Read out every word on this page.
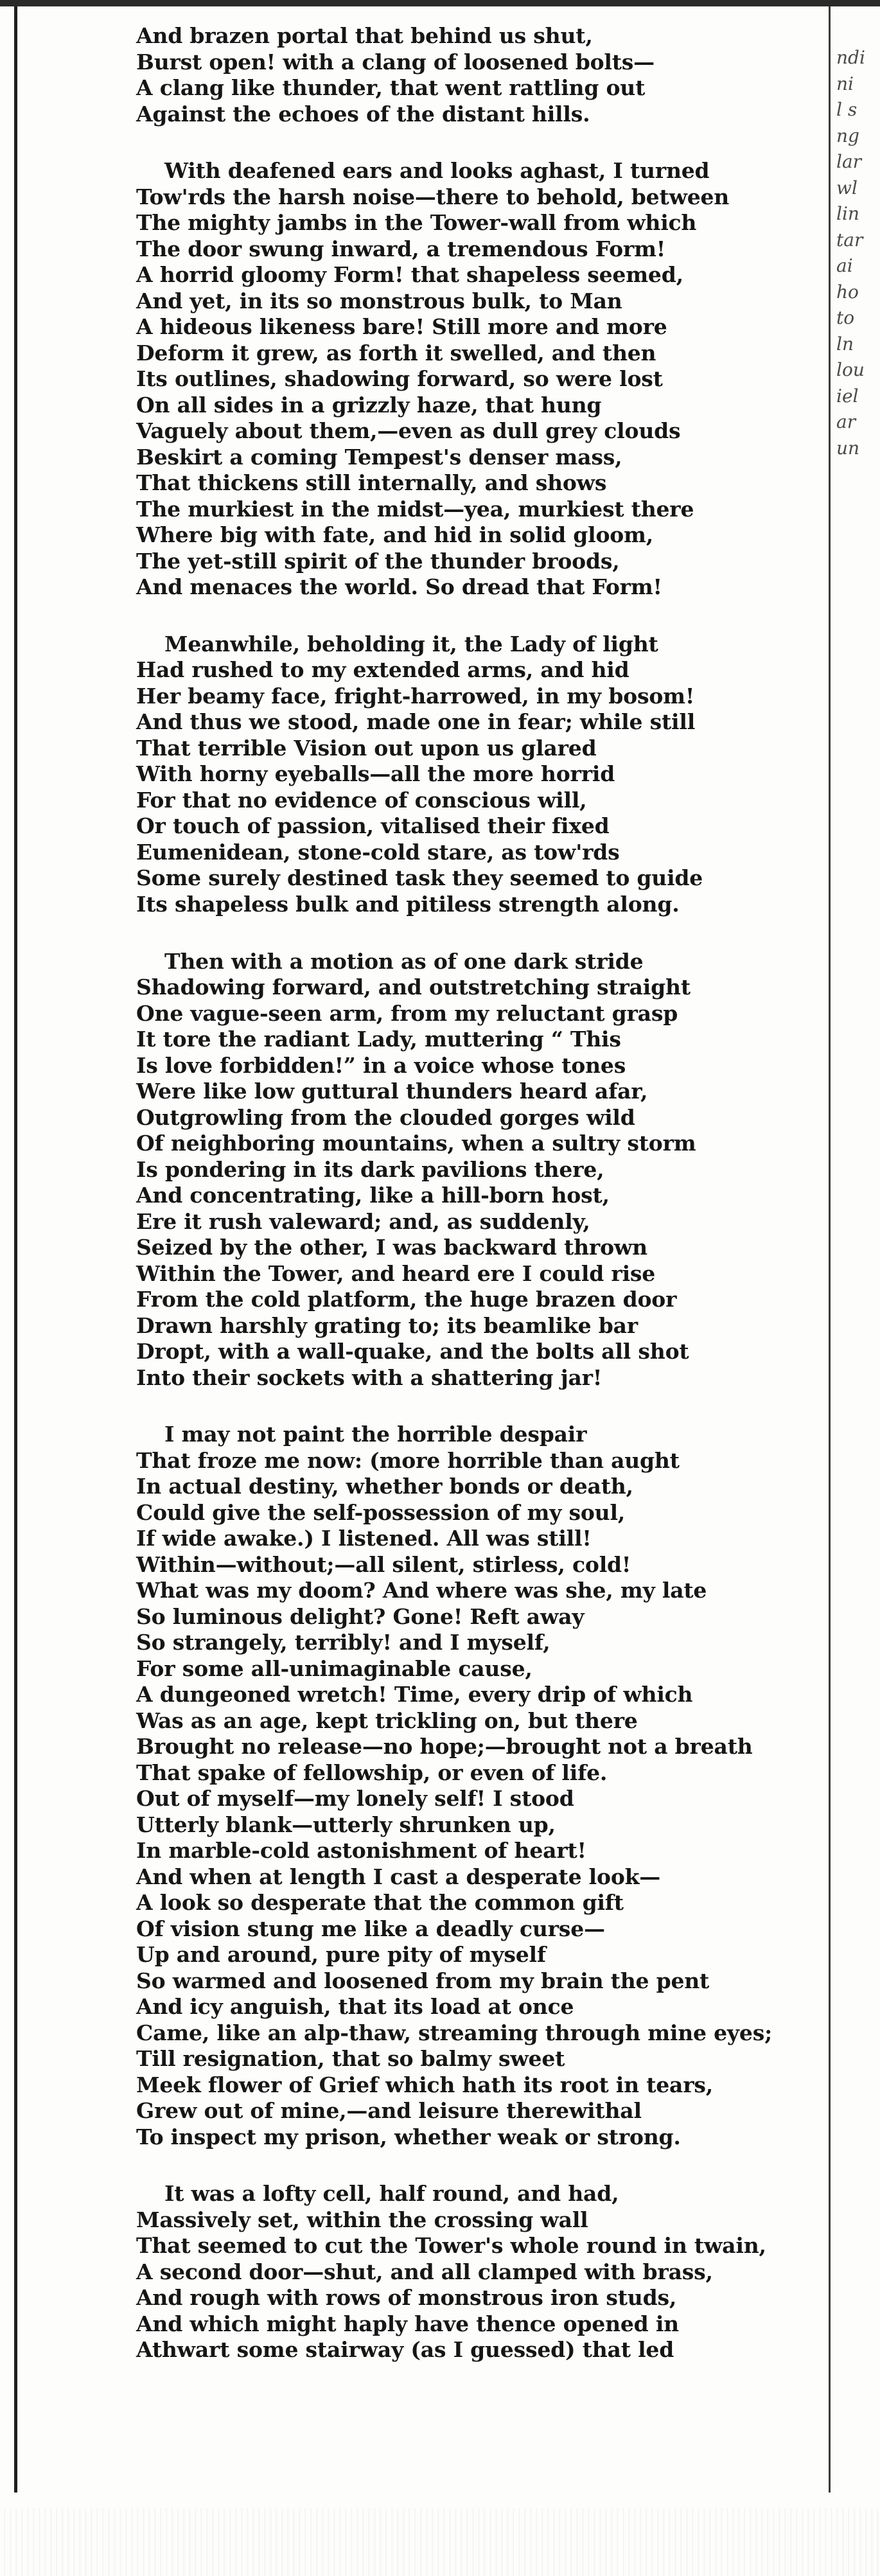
And brazen portal that behind us shut,
Burst open! with a clang of loosened bolts—
A clang like thunder, that went rattling out
Against the echoes of the distant hills.
With deafened ears and looks aghast, I turned
Tow'rds the harsh noise—there to behold, between
The mighty jambs in the Tower-wall from which
The door swung inward, a tremendous Form!
A horrid gloomy Form! that shapeless seemed,
And yet, in its so monstrous bulk, to Man
A hideous likeness bare! Still more and more
Deform it grew, as forth it swelled, and then
Its outlines, shadowing forward, so were lost
On all sides in a grizzly haze, that hung
Vaguely about them,—even as dull grey clouds
Beskirt a coming Tempest's denser mass,
That thickens still internally, and shows
The murkiest in the midst—yea, murkiest there
Where big with fate, and hid in solid gloom,
The yet-still spirit of the thunder broods,
And menaces the world. So dread that Form!
Meanwhile, beholding it, the Lady of light
Had rushed to my extended arms, and hid
Her beamy face, fright-harrowed, in my bosom!
And thus we stood, made one in fear; while still
That terrible Vision out upon us glared
With horny eyeballs—all the more horrid
For that no evidence of conscious will,
Or touch of passion, vitalised their fixed
Eumenidean, stone-cold stare, as tow'rds
Some surely destined task they seemed to guide
Its shapeless bulk and pitiless strength along.
Then with a motion as of one dark stride
Shadowing forward, and outstretching straight
One vague-seen arm, from my reluctant grasp
It tore the radiant Lady, muttering “ This
Is love forbidden!” in a voice whose tones
Were like low guttural thunders heard afar,
Outgrowling from the clouded gorges wild
Of neighboring mountains, when a sultry storm
Is pondering in its dark pavilions there,
And concentrating, like a hill-born host,
Ere it rush valeward; and, as suddenly,
Seized by the other, I was backward thrown
Within the Tower, and heard ere I could rise
From the cold platform, the huge brazen door
Drawn harshly grating to; its beamlike bar
Dropt, with a wall-quake, and the bolts all shot
Into their sockets with a shattering jar!
I may not paint the horrible despair
That froze me now: (more horrible than aught
In actual destiny, whether bonds or death,
Could give the self-possession of my soul,
If wide awake.) I listened. All was still!
Within—without;—all silent, stirless, cold!
What was my doom? And where was she, my late
So luminous delight? Gone! Reft away
So strangely, terribly! and I myself,
For some all-unimaginable cause,
A dungeoned wretch! Time, every drip of which
Was as an age, kept trickling on, but there
Brought no release—no hope;—brought not a breath
That spake of fellowship, or even of life.
Out of myself—my lonely self! I stood
Utterly blank—utterly shrunken up,
In marble-cold astonishment of heart!
And when at length I cast a desperate look—
A look so desperate that the common gift
Of vision stung me like a deadly curse—
Up and around, pure pity of myself
So warmed and loosened from my brain the pent
And icy anguish, that its load at once
Came, like an alp-thaw, streaming through mine eyes;
Till resignation, that so balmy sweet
Meek flower of Grief which hath its root in tears,
Grew out of mine,—and leisure therewithal
To inspect my prison, whether weak or strong.
It was a lofty cell, half round, and had,
Massively set, within the crossing wall
That seemed to cut the Tower's whole round in twain,
A second door—shut, and all clamped with brass,
And rough with rows of monstrous iron studs,
And which might haply have thence opened in
Athwart some stairway (as I guessed) that led
ndi
ni
l s
ng
lar
wl
lin
tar
ai
ho
to
ln
lou
iel
ar
un
